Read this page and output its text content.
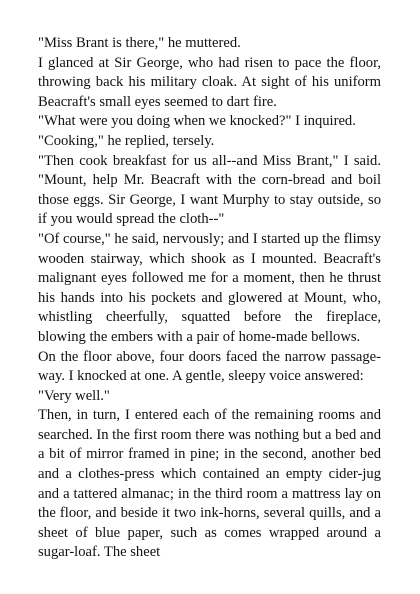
"Miss Brant is there," he muttered.

I glanced at Sir George, who had risen to pace the floor, throwing back his military cloak. At sight of his uniform Beacraft's small eyes seemed to dart fire.

"What were you doing when we knocked?" I inquired.

"Cooking," he replied, tersely.

"Then cook breakfast for us all--and Miss Brant," I said. "Mount, help Mr. Beacraft with the corn-bread and boil those eggs. Sir George, I want Murphy to stay outside, so if you would spread the cloth--"

"Of course," he said, nervously; and I started up the flimsy wooden stairway, which shook as I mounted. Beacraft's malignant eyes followed me for a moment, then he thrust his hands into his pockets and glowered at Mount, who, whistling cheerfully, squatted before the fireplace, blowing the embers with a pair of home-made bellows.

On the floor above, four doors faced the narrow passage-way. I knocked at one. A gentle, sleepy voice answered:

"Very well."

Then, in turn, I entered each of the remaining rooms and searched. In the first room there was nothing but a bed and a bit of mirror framed in pine; in the second, another bed and a clothes-press which contained an empty cider-jug and a tattered almanac; in the third room a mattress lay on the floor, and beside it two ink-horns, several quills, and a sheet of blue paper, such as comes wrapped around a sugar-loaf. The sheet
